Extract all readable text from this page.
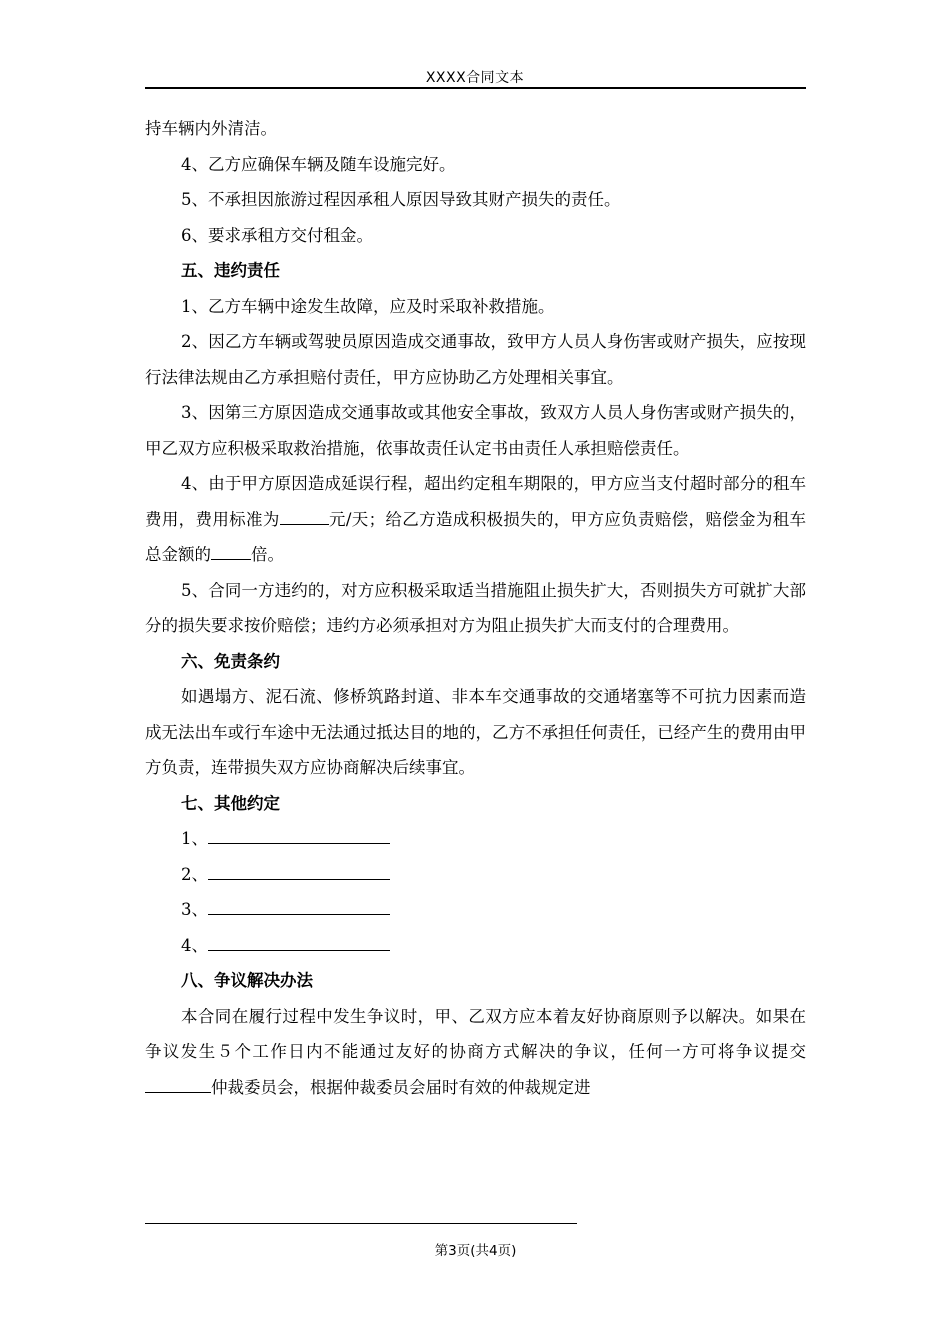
XXXX合同文本

持车辆内外清洁。

4、乙方应确保车辆及随车设施完好。

5、不承担因旅游过程因承租人原因导致其财产损失的责任。

6、要求承租方交付租金。

五、违约责任

1、乙方车辆中途发生故障，应及时采取补救措施。

2、因乙方车辆或驾驶员原因造成交通事故，致甲方人员人身伤害或财产损失，应按现行法律法规由乙方承担赔付责任，甲方应协助乙方处理相关事宜。

3、因第三方原因造成交通事故或其他安全事故，致双方人员人身伤害或财产损失的，甲乙双方应积极采取救治措施，依事故责任认定书由责任人承担赔偿责任。

4、由于甲方原因造成延误行程，超出约定租车期限的，甲方应当支付超时部分的租车费用，费用标准为	元/天；给乙方造成积极损失的，甲方应负责赔偿，赔偿金为租车总金额的 倍。

5、合同一方违约的，对方应积极采取适当措施阻止损失扩大，否则损失方可就扩大部分的损失要求按价赔偿；违约方必须承担对方为阻止损失扩大而支付的合理费用。

六、免责条约

如遇塌方、泥石流、修桥筑路封道、非本车交通事故的交通堵塞等不可抗力因素而造成无法出车或行车途中无法通过抵达目的地的，乙方不承担任何责任，已经产生的费用由甲方负责，连带损失双方应协商解决后续事宜。

七、其他约定

1、

2、

3、

4、

八、争议解决办法

本合同在履行过程中发生争议时，甲、乙双方应本着友好协商原则予以解决。如果在争议发生５个工作日内不能通过友好的协商方式解决的争议，任何一方可将争议提交仲裁委员会，根据仲裁委员会届时有效的仲裁规定进

第3页(共4页)
